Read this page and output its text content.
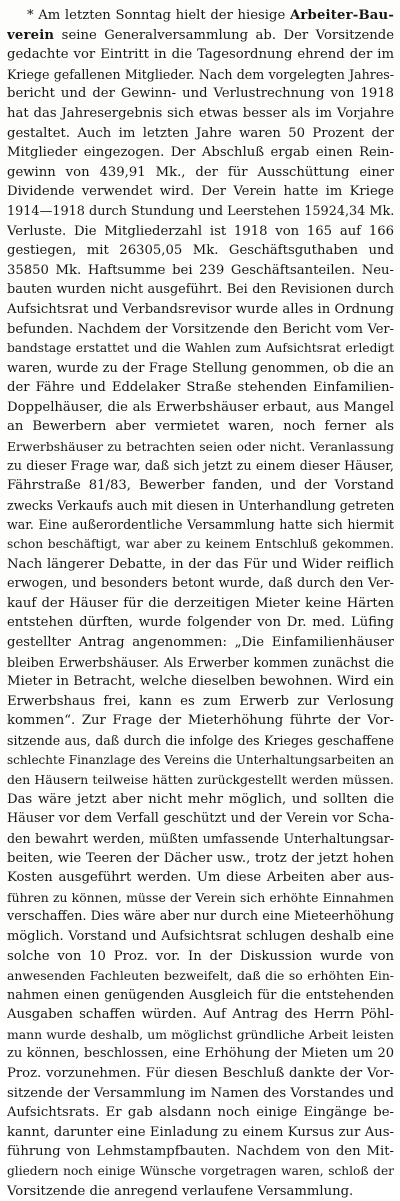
* Am letzten Sonntag hielt der hiesige Arbeiter-Bau-
verein seine Generalversammlung ab. Der Vorsitzende
gedachte vor Eintritt in die Tagesordnung ehrend der im
Kriege gefallenen Mitglieder. Nach dem vorgelegten Jahres-
bericht und der Gewinn- und Verlustrechnung von 1918
hat das Jahresergebnis sich etwas besser als im Vorjahre
gestaltet. Auch im letzten Jahre waren 50 Prozent der
Mitglieder eingezogen. Der Abschluß ergab einen Rein-
gewinn von 439,91 Mk., der für Ausschüttung einer
Dividende verwendet wird. Der Verein hatte im Kriege
1914—1918 durch Stundung und Leerstehen 15924,34 Mk.
Verluste. Die Mitgliederzahl ist 1918 von 165 auf 166
gestiegen, mit 26305,05 Mk. Geschäftsguthaben und
35850 Mk. Haftsumme bei 239 Geschäftsanteilen. Neu-
bauten wurden nicht ausgeführt. Bei den Revisionen durch
Aufsichtsrat und Verbandsrevisor wurde alles in Ordnung
befunden. Nachdem der Vorsitzende den Bericht vom Ver-
bandstage erstattet und die Wahlen zum Aufsichtsrat erledigt
waren, wurde zu der Frage Stellung genommen, ob die an
der Fähre und Eddelaker Straße stehenden Einfamilien-
Doppelhäuser, die als Erwerbshäuser erbaut, aus Mangel
an Bewerbern aber vermietet waren, noch ferner als
Erwerbshäuser zu betrachten seien oder nicht. Veranlassung
zu dieser Frage war, daß sich jetzt zu einem dieser Häuser,
Fährstraße 81/83, Bewerber fanden, und der Vorstand
zwecks Verkaufs auch mit diesen in Unterhandlung getreten
war. Eine außerordentliche Versammlung hatte sich hiermit
schon beschäftigt, war aber zu keinem Entschluß gekommen.
Nach längerer Debatte, in der das Für und Wider reiflich
erwogen, und besonders betont wurde, daß durch den Ver-
kauf der Häuser für die derzeitigen Mieter keine Härten
entstehen dürften, wurde folgender von Dr. med. Lüfing
gestellter Antrag angenommen: „Die Einfamilienhäuser
bleiben Erwerbshäuser. Als Erwerber kommen zunächst die
Mieter in Betracht, welche dieselben bewohnen. Wird ein
Erwerbshaus frei, kann es zum Erwerb zur Verlosung
kommen“. Zur Frage der Mieterhöhung führte der Vor-
sitzende aus, daß durch die infolge des Krieges geschaffene
schlechte Finanzlage des Vereins die Unterhaltungsarbeiten an
den Häusern teilweise hätten zurückgestellt werden müssen.
Das wäre jetzt aber nicht mehr möglich, und sollten die
Häuser vor dem Verfall geschützt und der Verein vor Scha-
den bewahrt werden, müßten umfassende Unterhaltungsar-
beiten, wie Teeren der Dächer usw., trotz der jetzt hohen
Kosten ausgeführt werden. Um diese Arbeiten aber aus-
führen zu können, müsse der Verein sich erhöhte Einnahmen
verschaffen. Dies wäre aber nur durch eine Mieteerhöhung
möglich. Vorstand und Aufsichtsrat schlugen deshalb eine
solche von 10 Proz. vor. In der Diskussion wurde von
anwesenden Fachleuten bezweifelt, daß die so erhöhten Ein-
nahmen einen genügenden Ausgleich für die entstehenden
Ausgaben schaffen würden. Auf Antrag des Herrn Pöhl-
mann wurde deshalb, um möglichst gründliche Arbeit leisten
zu können, beschlossen, eine Erhöhung der Mieten um 20
Proz. vorzunehmen. Für diesen Beschluß dankte der Vor-
sitzende der Versammlung im Namen des Vorstandes und
Aufsichtsrats. Er gab alsdann noch einige Eingänge be-
kannt, darunter eine Einladung zu einem Kursus zur Aus-
führung von Lehmstampfbauten. Nachdem von den Mit-
gliedern noch einige Wünsche vorgetragen waren, schloß der
Vorsitzende die anregend verlaufene Versammlung.
